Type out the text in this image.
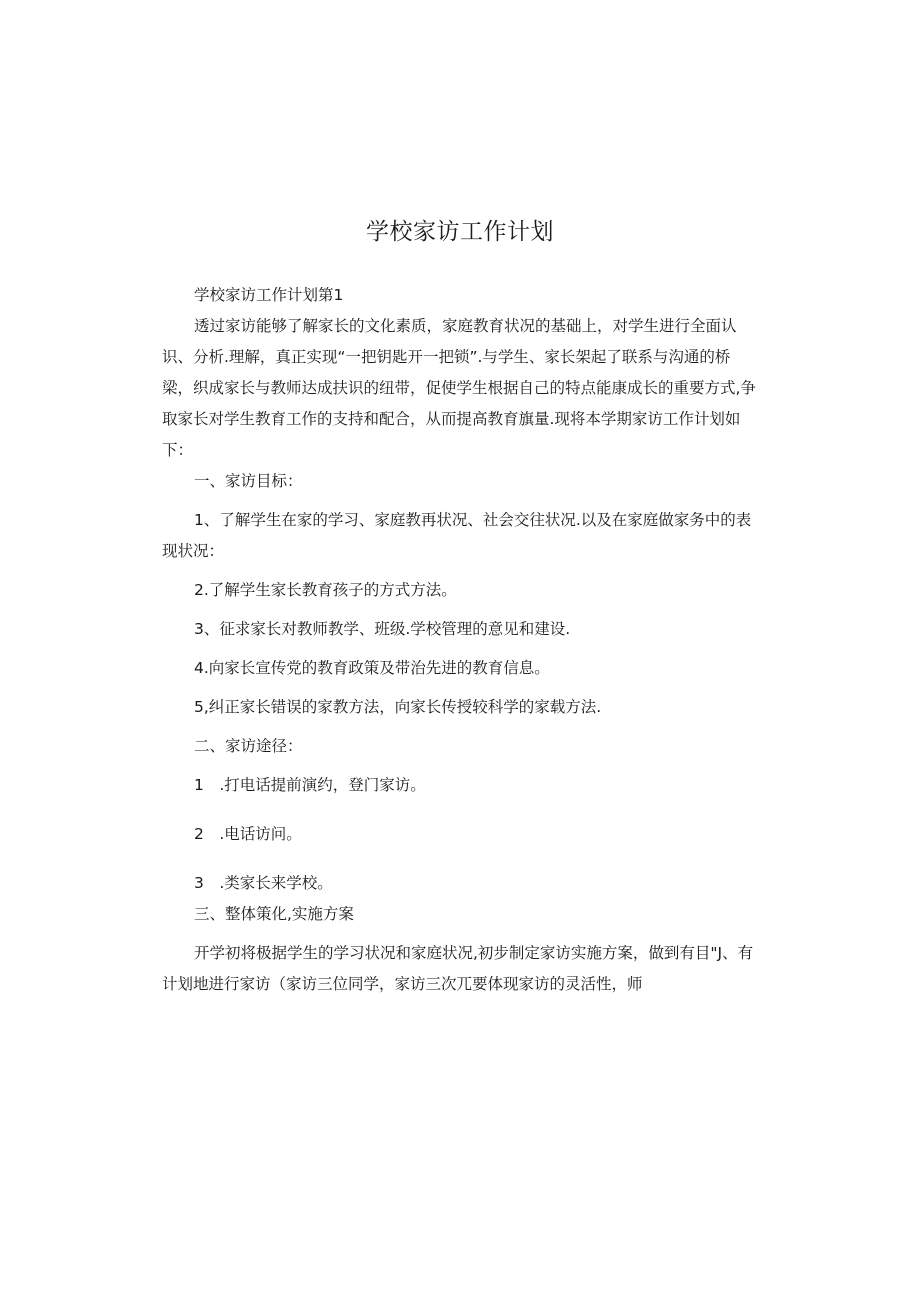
学校家访工作计划

学校家访工作计划第1

透过家访能够了解家长的文化素质，家庭教育状况的基础上，对学生进行全面认识、分析.理解，真正实现“一把钥匙开一把锁”.与学生、家长架起了联系与沟通的桥梁，织成家长与教师达成扶识的纽带，促使学生根据自己的特点能康成长的重要方式,争取家长对学生教育工作的支持和配合，从而提高教育旗量.现将本学期家访工作计划如下：

一、家访目标：

1、了解学生在家的学习、家庭教再状况、社会交往状况.以及在家庭做家务中的表现状况：

2.了解学生家长教育孩子的方式方法。

3、征求家长对教师教学、班级.学校管理的意见和建设.

4.向家长宣传党的教育政策及带治先进的教育信息。

5,纠正家长错误的家教方法，向家长传授较科学的家载方法.

二、家访途径：

1　.打电话提前演约，登门家访。

2　.电话访问。

3　.类家长来学校。

三、整体策化,实施方案

开学初将极据学生的学习状况和家庭状况,初步制定家访实施方案，做到有目"J、有计划地进行家访（家访三位同学，家访三次兀要体现家访的灵活性，师
